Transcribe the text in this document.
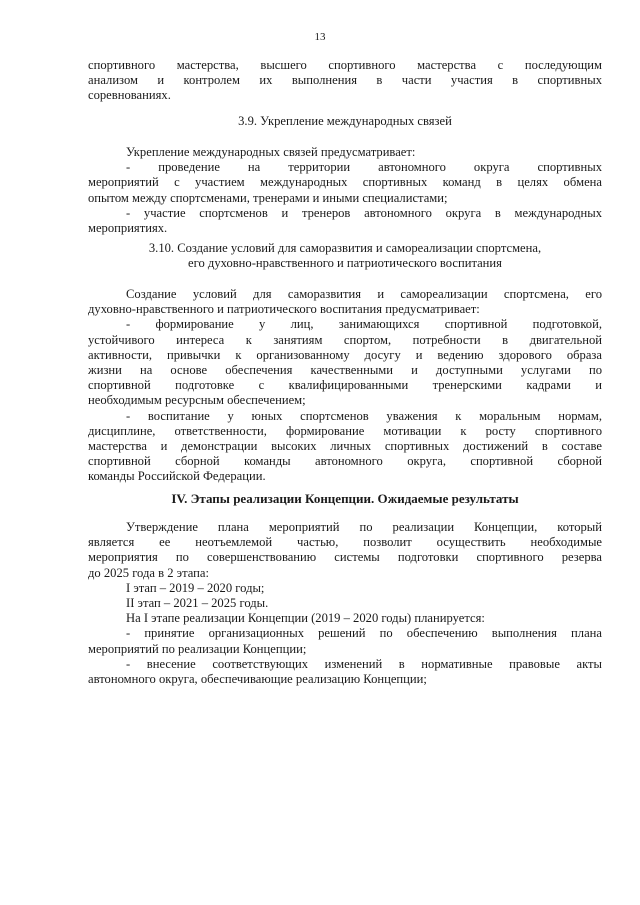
13

спортивного мастерства, высшего спортивного мастерства с последующим

анализом и контролем их выполнения в части участия в спортивных

соревнованиях.

3.9. Укрепление международных связей

Укрепление международных связей предусматривает:

- проведение на территории автономного округа спортивных

мероприятий с участием международных спортивных команд в целях обмена

опытом между спортсменами, тренерами и иными специалистами;

- участие спортсменов и тренеров автономного округа в международных

мероприятиях.

3.10. Создание условий для саморазвития и самореализации спортсмена,

его духовно-нравственного и патриотического воспитания

Создание условий для саморазвития и самореализации спортсмена, его

духовно-нравственного и патриотического воспитания предусматривает:

- формирование у лиц, занимающихся спортивной подготовкой,

устойчивого интереса к занятиям спортом, потребности в двигательной

активности, привычки к организованному досугу и ведению здорового образа

жизни на основе обеспечения качественными и доступными услугами по

спортивной подготовке с квалифицированными тренерскими кадрами и

необходимым ресурсным обеспечением;

- воспитание у юных спортсменов уважения к моральным нормам,

дисциплине, ответственности, формирование мотивации к росту спортивного

мастерства и демонстрации высоких личных спортивных достижений в составе

спортивной сборной команды автономного округа, спортивной сборной

команды Российской Федерации.

IV. Этапы реализации Концепции. Ожидаемые результаты

Утверждение плана мероприятий по реализации Концепции, который

является ее неотъемлемой частью, позволит осуществить необходимые

мероприятия по совершенствованию системы подготовки спортивного резерва

до 2025 года в 2 этапа:

I этап – 2019 – 2020 годы;

II этап – 2021 – 2025 годы.

На I этапе реализации Концепции (2019 – 2020 годы) планируется:

- принятие организационных решений по обеспечению выполнения плана

мероприятий по реализации Концепции;

- внесение соответствующих изменений в нормативные правовые акты

автономного округа, обеспечивающие реализацию Концепции;
